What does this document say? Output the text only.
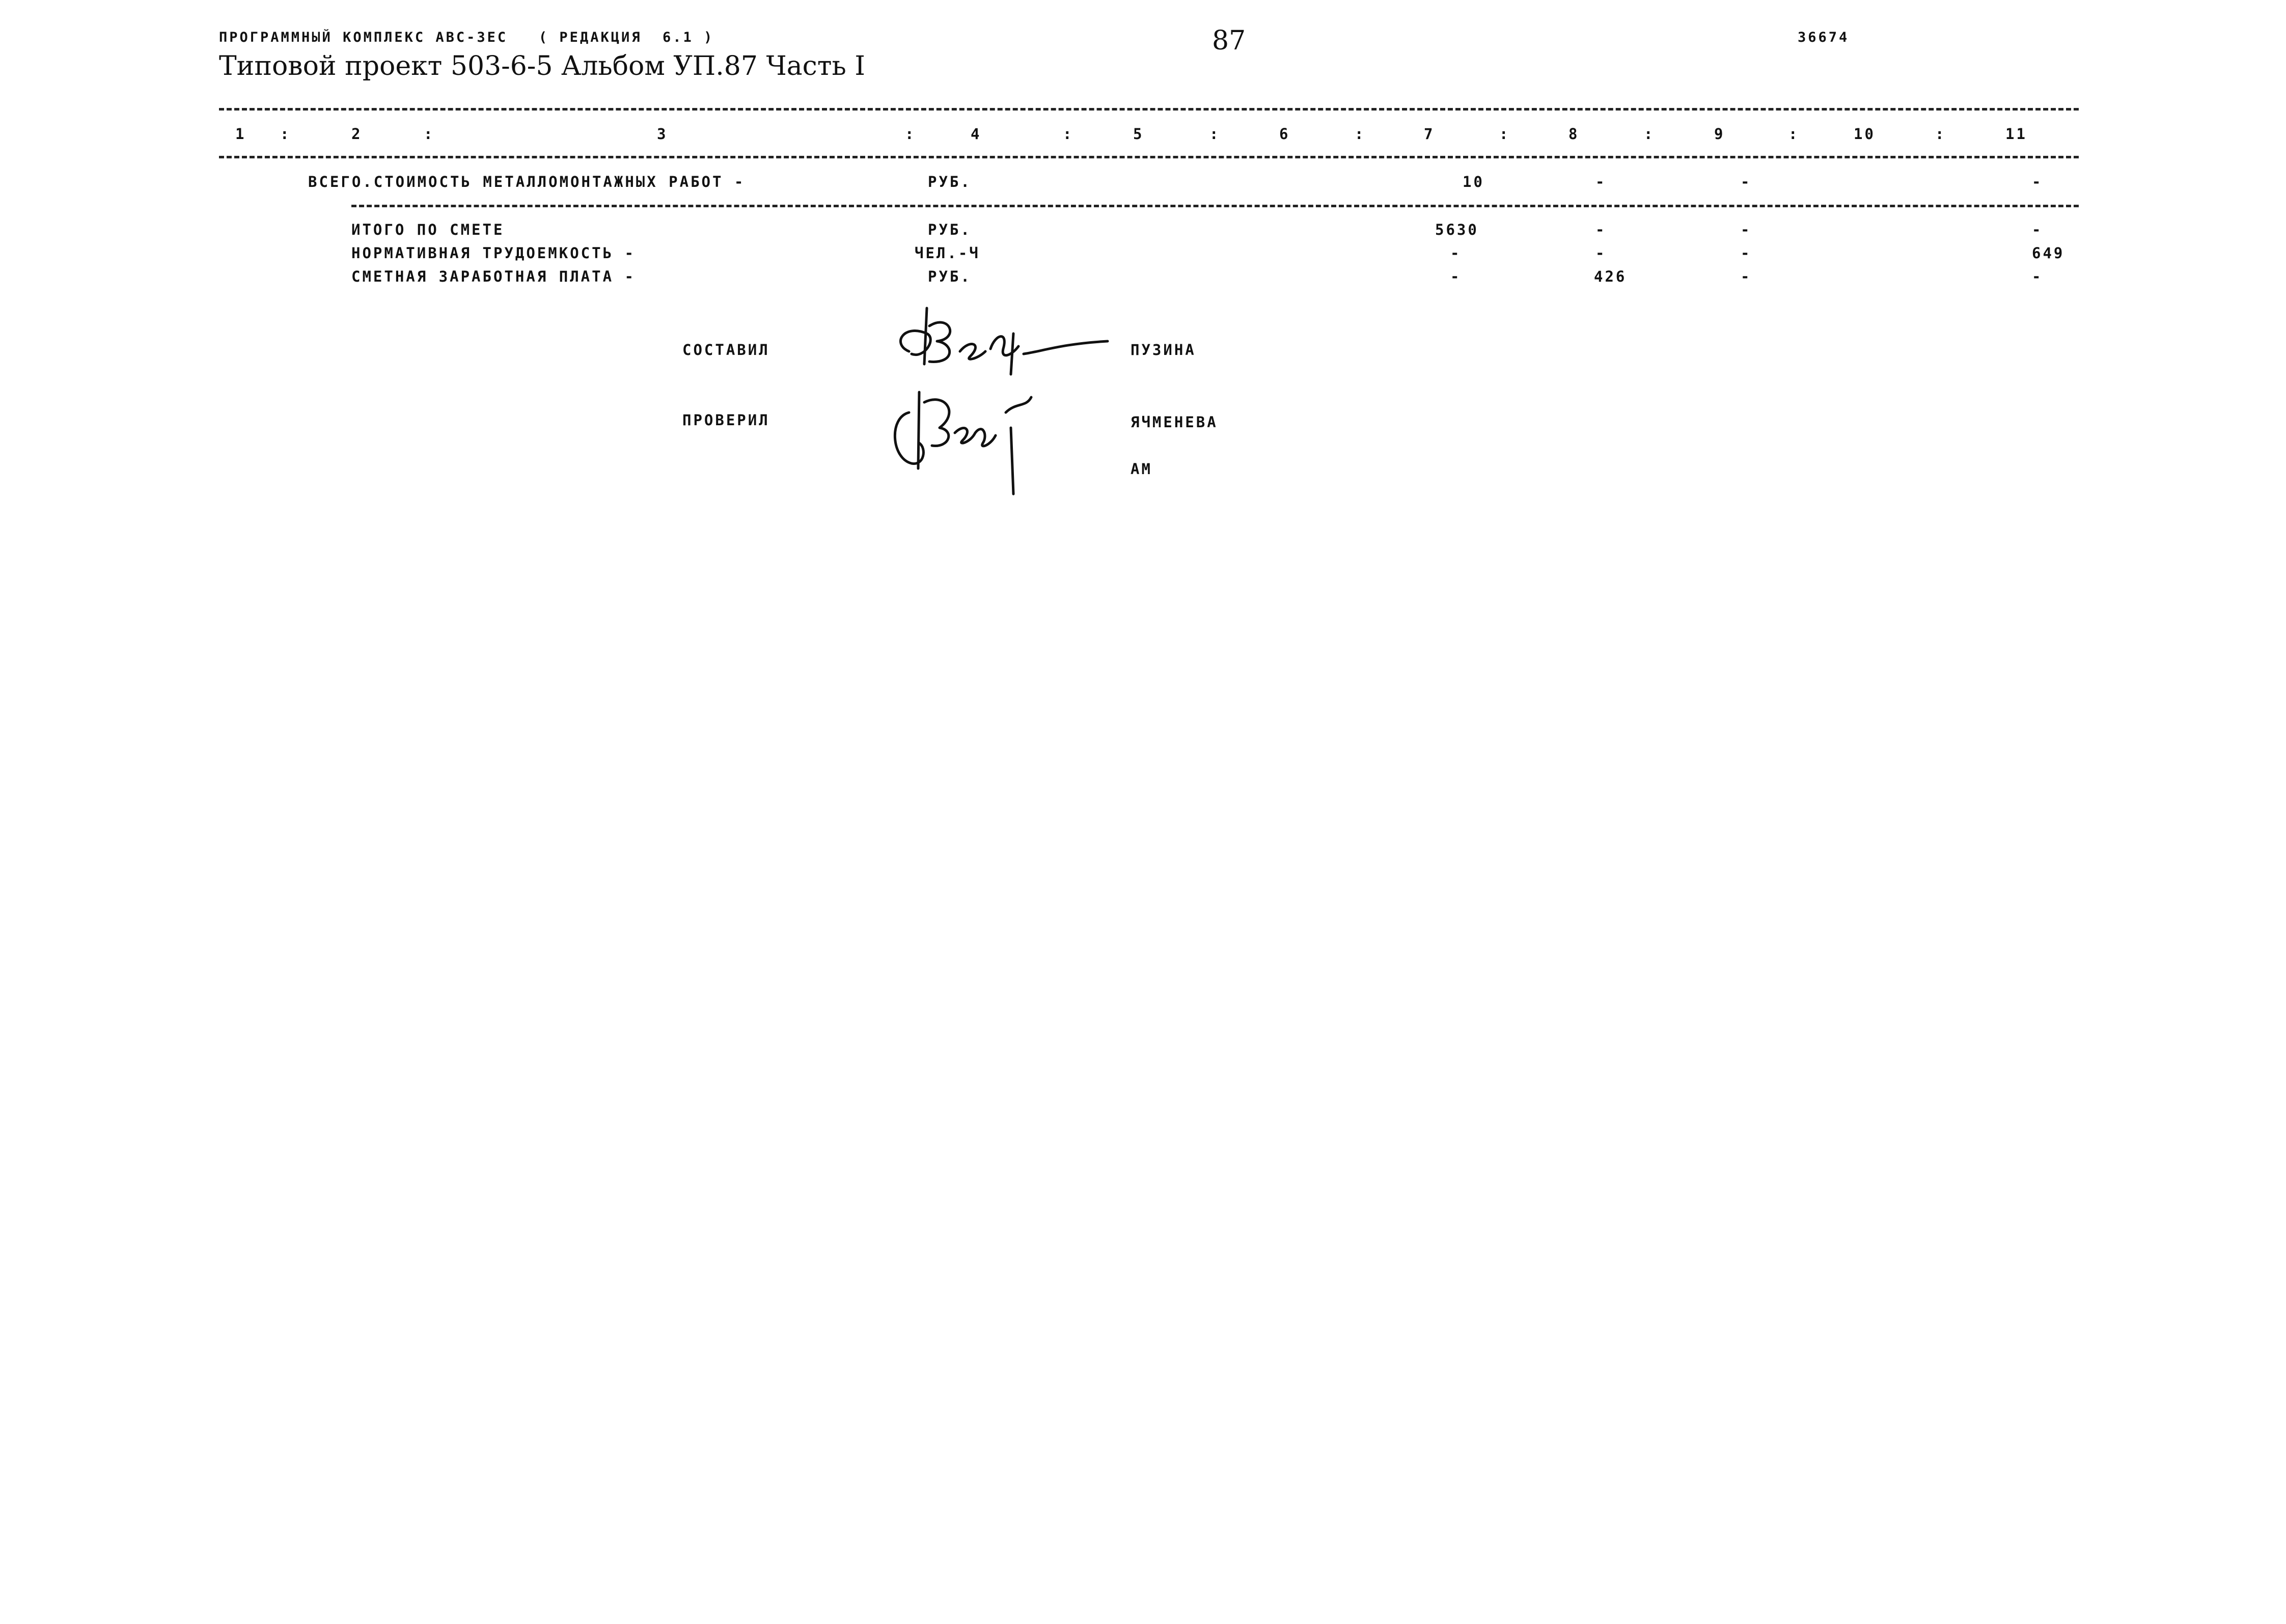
ПРОГРАММНЫЙ КОМПЛЕКС АВС-3ЕС   ( РЕДАКЦИЯ  6.1 )	87	36674
Типовой проект 503-6-5 Альбом УП.87 Часть I
1 :	2	:	3	:	4	:	5	:	6	:	7	:	8	:	9	:	10	:	11
ВСЕГО.СТОИМОСТЬ МЕТАЛЛОМОНТАЖНЫХ РАБОТ -	РУБ.	10	-	-	-
ИТОГО ПО СМЕТЕ	РУБ.	5630	-	-	-
НОРМАТИВНАЯ ТРУДОЕМКОСТЬ -	ЧЕЛ.-Ч	-	-	-	649
СМЕТНАЯ ЗАРАБОТНАЯ ПЛАТА -	РУБ.	-	426	-	-
СОСТАВИЛ	ПУЗИНА
ПРОВЕРИЛ	ЯЧМЕНЕВА
АМ
